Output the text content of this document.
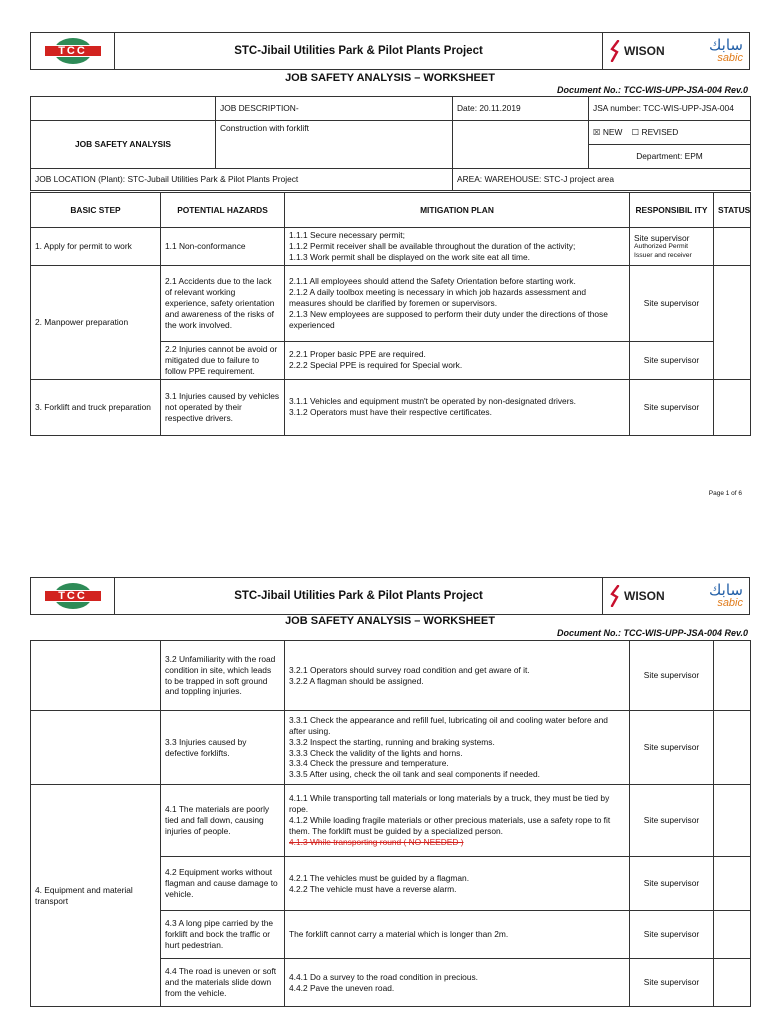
TCC	STC-Jibail Utilities Park & Pilot Plants Project	WISON	سابك
sabic
JOB SAFETY ANALYSIS – WORKSHEET
Document No.: TCC-WIS-UPP-JSA-004 Rev.0
	JOB DESCRIPTION-	Date: 20.11.2019	JSA number: TCC-WIS-UPP-JSA-004
JOB SAFETY ANALYSIS	Construction with forklift		☒ NEW ☐ REVISED
			Department: EPM
JOB LOCATION (Plant): STC-Jubail Utilities Park & Pilot Plants Project		AREA: WAREHOUSE: STC-J project area	
BASIC STEP	POTENTIAL HAZARDS	MITIGATION PLAN	RESPONSIBIL ITY	STATUS
1. Apply for permit to work	1.1 Non-conformance	1.1.1 Secure necessary permit;
1.1.2 Permit receiver shall be available throughout the duration of the activity;
1.1.3 Work permit shall be displayed on the work site eat all time.	Site supervisor
Authorized Permit
Issuer and receiver	

2. Manpower preparation	2.1 Accidents due to the lack of relevant working experience, safety orientation and awareness of the risks of the work involved.	2.1.1 All employees should attend the Safety Orientation before starting work.
2.1.2 A daily toolbox meeting is necessary in which job hazards assessment and measures should be clarified by foremen or supervisors.
2.1.3 New employees are supposed to perform their duty under the directions of those experienced	Site supervisor	
	2.2 Injuries cannot be avoid or mitigated due to failure to follow PPE requirement.	2.2.1 Proper basic PPE are required.
2.2.2 Special PPE is required for Special work.	Site supervisor	
3. Forklift and truck preparation	3.1 Injuries caused by vehicles not operated by their respective drivers.	3.1.1 Vehicles and equipment mustn't be operated by non-designated drivers.
3.1.2 Operators must have their respective certificates.	Site supervisor	
Page 1 of 6
TCC	STC-Jibail Utilities Park & Pilot Plants Project	WISON	سابك
sabic
JOB SAFETY ANALYSIS – WORKSHEET
Document No.: TCC-WIS-UPP-JSA-004 Rev.0
	3.2 Unfamiliarity with the road condition in site, which leads to be trapped in soft ground and toppling injuries.	3.2.1 Operators should survey road condition and get aware of it.
3.2.2 A flagman should be assigned.	Site supervisor	
	3.3 Injuries caused by defective forklifts.	3.3.1 Check the appearance and refill fuel, lubricating oil and cooling water before and after using.
3.3.2 Inspect the starting, running and braking systems.
3.3.3 Check the validity of the lights and horns.
3.3.4 Check the pressure and temperature.
3.3.5 After using, check the oil tank and seal components if needed.	Site supervisor	
4. Equipment and material transport	4.1 The materials are poorly tied and fall down, causing injuries of people.	4.1.1 While transporting tall materials or long materials by a truck, they must be tied by rope.
4.1.2 While loading fragile materials or other precious materials, use a safety rope to fit them. The forklift must be guided by a specialized person.
4.1.3 While transporting round ( NO NEEDED )	Site supervisor	
	4.2 Equipment works without flagman and cause damage to vehicle.	4.2.1 The vehicles must be guided by a flagman.
4.2.2 The vehicle must have a reverse alarm.	Site supervisor	
	4.3 A long pipe carried by the forklift and bock the traffic or hurt pedestrian.	The forklift cannot carry a material which is longer than 2m.	Site supervisor	
	4.4 The road is uneven or soft and the materials slide down from the vehicle.	4.4.1 Do a survey to the road condition in precious.
4.4.2 Pave the uneven road.	Site supervisor	
